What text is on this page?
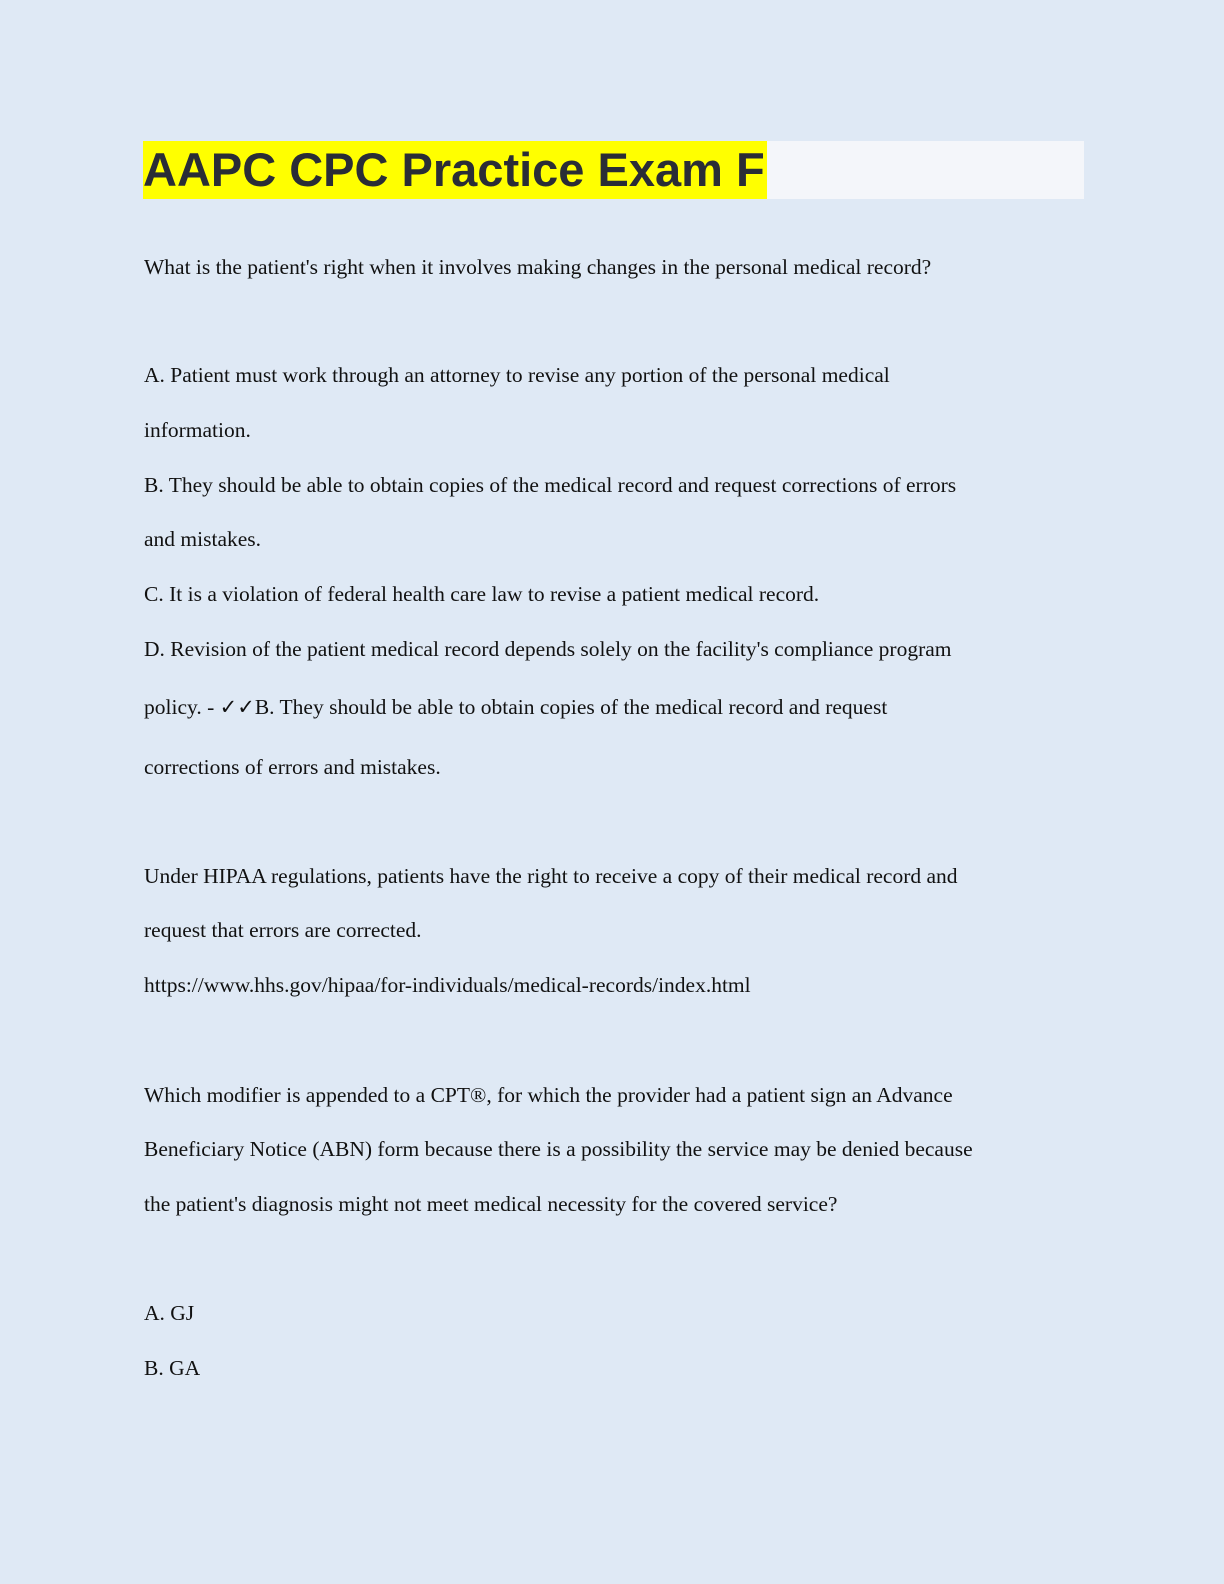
AAPC CPC Practice Exam F
What is the patient's right when it involves making changes in the personal medical record?
A. Patient must work through an attorney to revise any portion of the personal medical
information.
B. They should be able to obtain copies of the medical record and request corrections of errors
and mistakes.
C. It is a violation of federal health care law to revise a patient medical record.
D. Revision of the patient medical record depends solely on the facility's compliance program
policy. - ✓✓B. They should be able to obtain copies of the medical record and request
corrections of errors and mistakes.
Under HIPAA regulations, patients have the right to receive a copy of their medical record and
request that errors are corrected.
https://www.hhs.gov/hipaa/for-individuals/medical-records/index.html
Which modifier is appended to a CPT®, for which the provider had a patient sign an Advance
Beneficiary Notice (ABN) form because there is a possibility the service may be denied because
the patient's diagnosis might not meet medical necessity for the covered service?
A. GJ
B. GA
